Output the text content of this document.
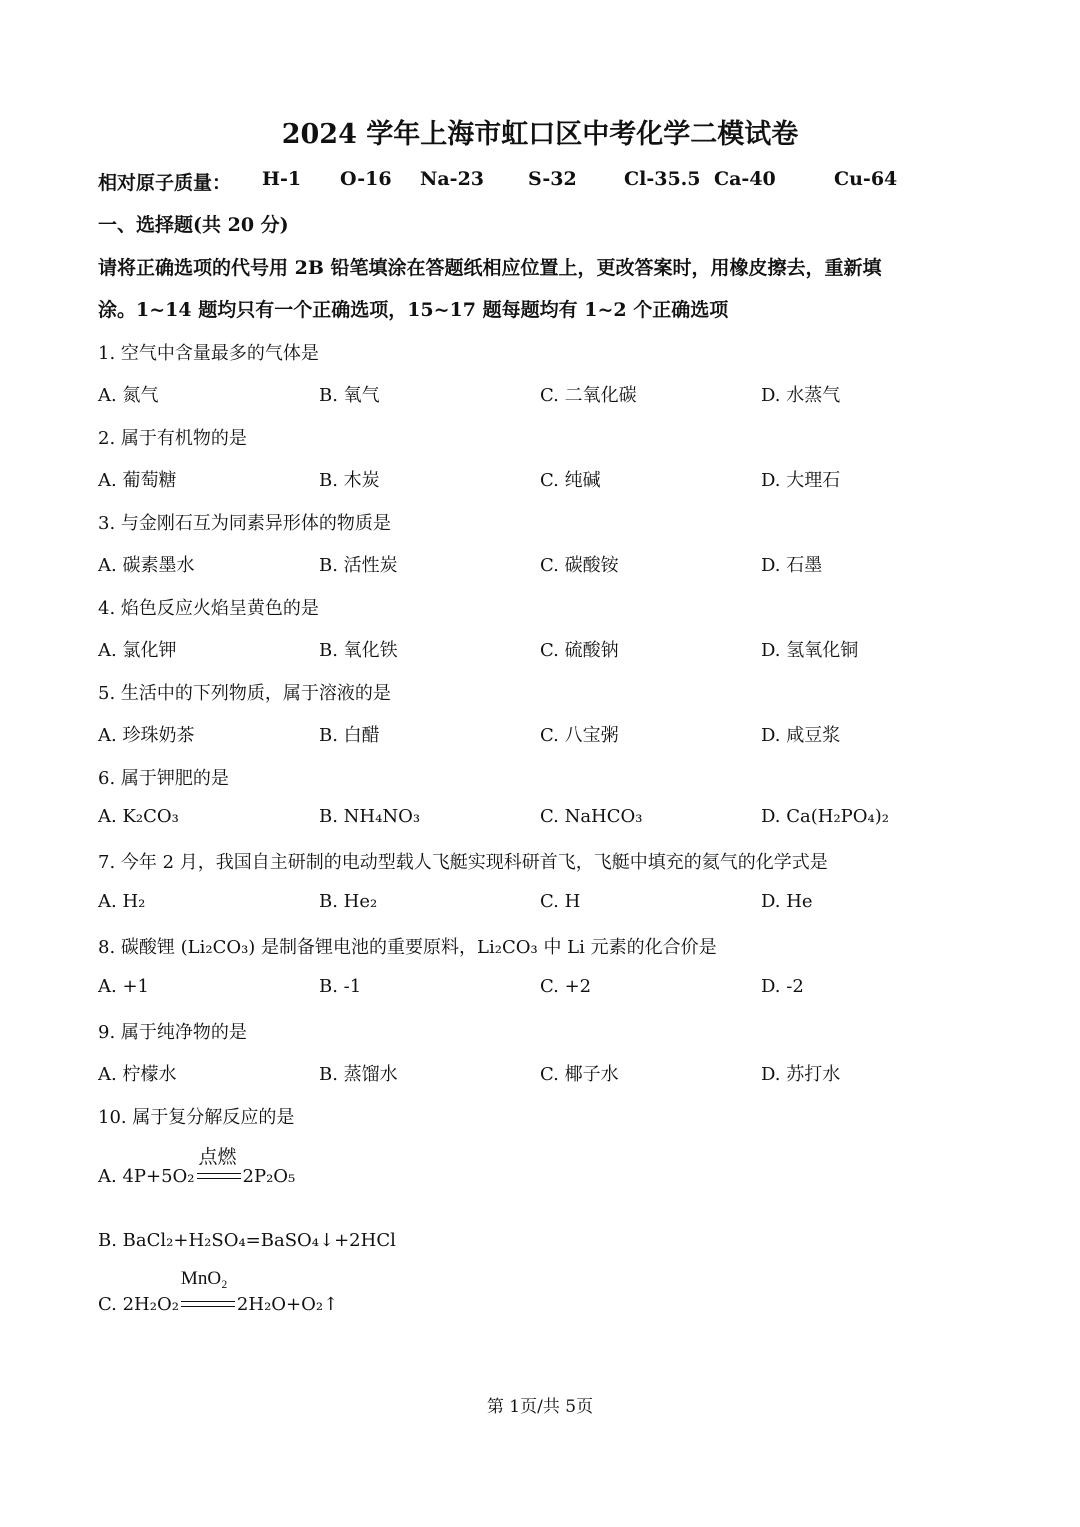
2024 学年上海市虹口区中考化学二模试卷
相对原子质量： H-1 O-16 Na-23 S-32 Cl-35.5 Ca-40	Cu-64
一、选择题(共 20 分)
请将正确选项的代号用 2B 铅笔填涂在答题纸相应位置上，更改答案时，用橡皮擦去，重新填
涂。1~14 题均只有一个正确选项，15~17 题每题均有 1~2 个正确选项
1. 空气中含量最多的气体是
A. 氮气	B. 氧气	C. 二氧化碳	D. 水蒸气
2. 属于有机物的是
A. 葡萄糖	B. 木炭	C. 纯碱	D. 大理石
3. 与金刚石互为同素异形体的物质是
A. 碳素墨水	B. 活性炭	C. 碳酸铵	D. 石墨
4. 焰色反应火焰呈黄色的是
A. 氯化钾	B. 氧化铁	C. 硫酸钠	D. 氢氧化铜
5. 生活中的下列物质，属于溶液的是
A. 珍珠奶茶	B. 白醋	C. 八宝粥	D. 咸豆浆
6. 属于钾肥的是
A. K₂CO₃	B. NH₄NO₃	C. NaHCO₃	D. Ca(H₂PO₄)₂
7. 今年 2 月，我国自主研制的电动型载人飞艇实现科研首飞，飞艇中填充的氦气的化学式是
A. H₂	B. He₂	C. H	D. He
8. 碳酸锂 (Li₂CO₃) 是制备锂电池的重要原料，Li₂CO₃ 中 Li 元素的化合价是
A. +1	B. -1	C. +2	D. -2
9. 属于纯净物的是
A. 柠檬水	B. 蒸馏水	C. 椰子水	D. 苏打水
10. 属于复分解反应的是
A. 4P+5O₂
点燃
2P₂O₅
B. BaCl₂+H₂SO₄=BaSO₄↓+2HCl
C. 2H₂O₂
MnO₂
2H₂O+O₂↑
第 1页/共 5页
